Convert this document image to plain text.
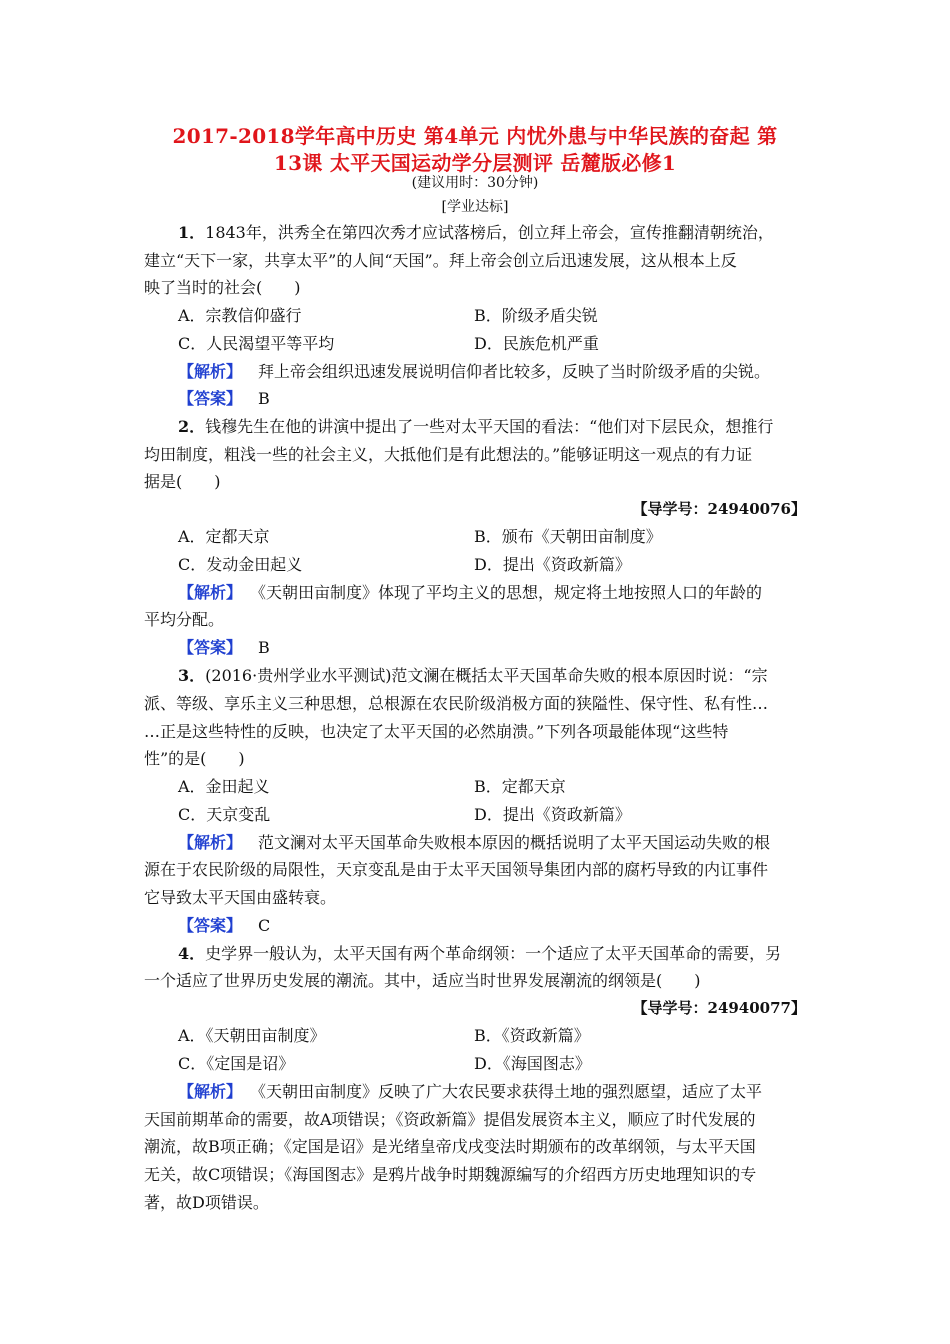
2017-2018学年高中历史 第4单元 内忧外患与中华民族的奋起 第
13课 太平天国运动学分层测评 岳麓版必修1
(建议用时：30分钟)
[学业达标]
1．1843年，洪秀全在第四次秀才应试落榜后，创立拜上帝会，宣传推翻清朝统治，
建立“天下一家，共享太平”的人间“天国”。拜上帝会创立后迅速发展，这从根本上反
映了当时的社会(　　)
A．宗教信仰盛行	B．阶级矛盾尖锐
C．人民渴望平等平均	D．民族危机严重
【解析】 拜上帝会组织迅速发展说明信仰者比较多，反映了当时阶级矛盾的尖锐。
【答案】 B
2．钱穆先生在他的讲演中提出了一些对太平天国的看法：“他们对下层民众，想推行
均田制度，粗浅一些的社会主义，大抵他们是有此想法的。”能够证明这一观点的有力证
据是(　　)
【导学号：24940076】
A．定都天京	B．颁布《天朝田亩制度》
C．发动金田起义	D．提出《资政新篇》
【解析】 《天朝田亩制度》体现了平均主义的思想，规定将土地按照人口的年龄的
平均分配。
【答案】 B
3．(2016·贵州学业水平测试)范文澜在概括太平天国革命失败的根本原因时说：“宗
派、等级、享乐主义三种思想，总根源在农民阶级消极方面的狭隘性、保守性、私有性…
…正是这些特性的反映，也决定了太平天国的必然崩溃。”下列各项最能体现“这些特
性”的是(　　)
A．金田起义	B．定都天京
C．天京变乱	D．提出《资政新篇》
【解析】 范文澜对太平天国革命失败根本原因的概括说明了太平天国运动失败的根
源在于农民阶级的局限性，天京变乱是由于太平天国领导集团内部的腐朽导致的内讧事件
它导致太平天国由盛转衰。
【答案】 C
4．史学界一般认为，太平天国有两个革命纲领：一个适应了太平天国革命的需要，另
一个适应了世界历史发展的潮流。其中，适应当时世界发展潮流的纲领是(　　)
【导学号：24940077】
A．《天朝田亩制度》	B．《资政新篇》
C．《定国是诏》	D．《海国图志》
【解析】 《天朝田亩制度》反映了广大农民要求获得土地的强烈愿望，适应了太平
天国前期革命的需要，故A项错误；《资政新篇》提倡发展资本主义，顺应了时代发展的
潮流，故B项正确；《定国是诏》是光绪皇帝戊戌变法时期颁布的改革纲领，与太平天国
无关，故C项错误；《海国图志》是鸦片战争时期魏源编写的介绍西方历史地理知识的专
著，故D项错误。
